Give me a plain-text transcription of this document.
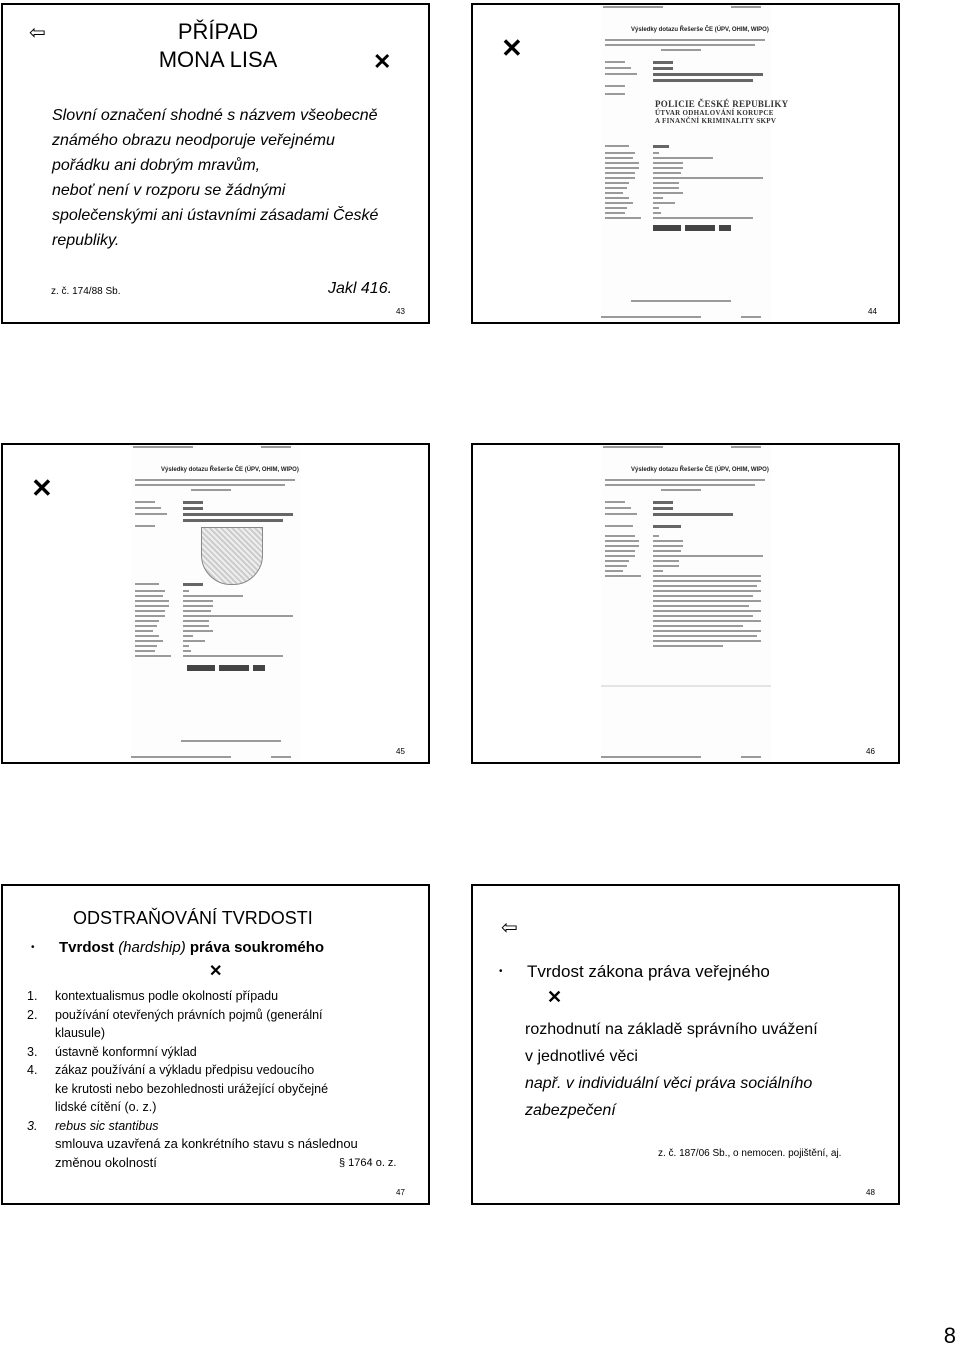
⇦	PŘÍPAD
MONA LISA	✕
Slovní označení shodné s názvem všeobecně
známého obrazu neodporuje veřejnému
pořádku ani dobrým mravům,
neboť není v rozporu se žádnými
společenskými ani ústavními zásadami České
republiky.
z. č. 174/88 Sb.	Jakl 416.
43
✕
Výsledky dotazu Řešerše ČE (ÚPV, OHIM, WIPO)
POLICIE ČESKÉ REPUBLIKY
ÚTVAR ODHALOVÁNÍ KORUPCE
A FINANČNÍ KRIMINALITY SKPV
44
✕
Výsledky dotazu Řešerše ČE (ÚPV, OHIM, WIPO)
45
Výsledky dotazu Řešerše ČE (ÚPV, OHIM, WIPO)
46
ODSTRAŇOVÁNÍ TVRDOSTI
• Tvrdost (hardship) práva soukromého
✕
1. kontextualismus podle okolností případu
2. používání otevřených právních pojmů (generální
klausule)
3. ústavně konformní výklad
4. zákaz používání a výkladu předpisu vedoucího
ke krutosti nebo bezohlednosti urážející obyčejné
lidské cítění (o. z.)
3. rebus sic stantibus
smlouva uzavřená za konkrétního stavu s následnou
změnou okolností	§ 1764 o. z.
47
⇦
• Tvrdost zákona práva veřejného
✕
rozhodnutí na základě správního uvážení
v jednotlivé věci
např. v individuální věci práva sociálního
zabezpečení
z. č. 187/06 Sb., o nemocen. pojištění, aj.
48
8
